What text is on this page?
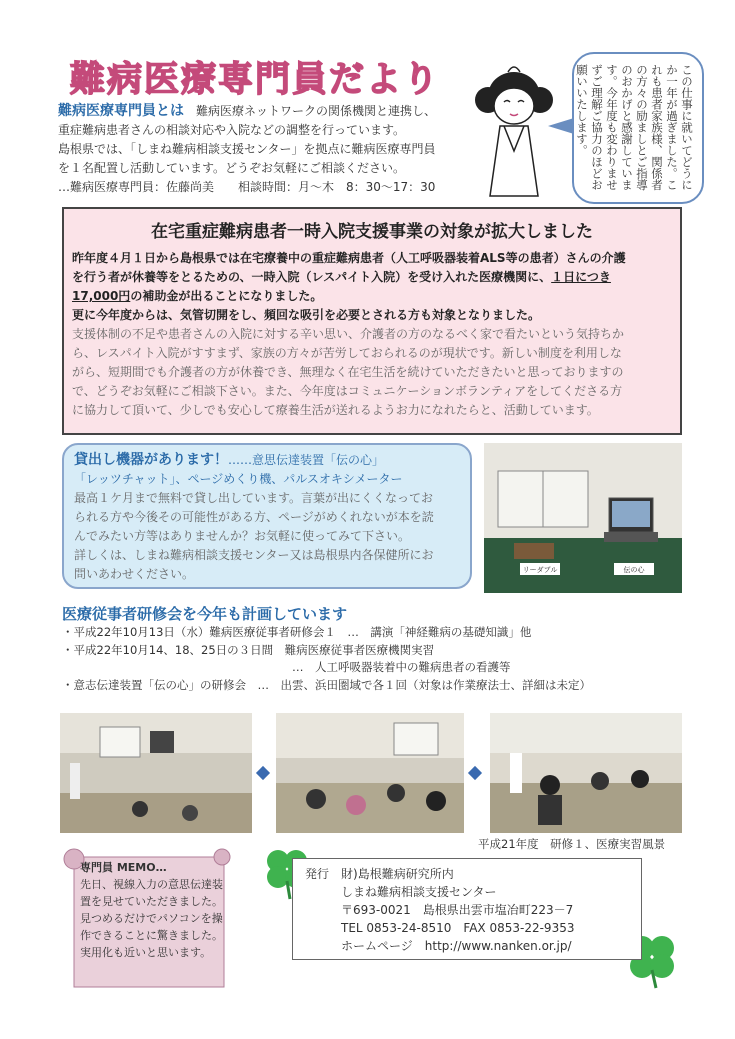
難病医療専門員だより

難病医療専門員とは　 難病医療ネットワークの関係機関と連携し、

重症難病患者さんの相談対応や入院などの調整を行っています。

島根県では、「しまね難病相談支援センター」を拠点に難病医療専門員

を１名配置し活動しています。どうぞお気軽にご相談ください。

…難病医療専門員：佐藤尚美　　相談時間：月〜木　8：30〜17：30	この仕事に就いてどうにか一年が過ぎました。これも患者家族様、関係者の方々の励ましとご指導のおかげと感謝しています。今年度も変わりませずご理解ご協力のほどお願いいたします。
在宅重症難病患者一時入院支援事業の対象が拡大しました

昨年度４月１日から島根県では在宅療養中の重症難病患者（人工呼吸器装着ALS等の患者）さんの介護

を行う者が休養等をとるための、一時入院（レスパイト入院）を受け入れた医療機関に、１日につき

17,000円の補助金が出ることになりました。

更に今年度からは、気管切開をし、頻回な吸引を必要とされる方も対象となりました。

支援体制の不足や患者さんの入院に対する辛い思い、介護者の方のなるべく家で看たいという気持ちか

ら、レスパイト入院がすすまず、家族の方々が苦労しておられるのが現状です。新しい制度を利用しな

がら、短期間でも介護者の方が休養でき、無理なく在宅生活を続けていただきたいと思っておりますの

で、どうぞお気軽にご相談下さい。また、今年度はコミュニケーションボランティアをしてくださる方

に協力して頂いて、少しでも安心して療養生活が送れるようお力になれたらと、活動しています。

貸出し機器があります！……意思伝達装置「伝の心」

「レッツチャット」、ページめくり機、パルスオキシメーター

最高１ケ月まで無料で貸し出しています。言葉が出にくくなってお

られる方や今後その可能性がある方、ページがめくれないが本を読

んでみたい方等はありませんか？お気軽に使ってみて下さい。

詳しくは、しまね難病相談支援センター又は島根県内各保健所にお

問いあわせください。	リーダブル	伝の心
医療従事者研修会を今年も計画しています

・平成22年10月13日（水）難病医療従事者研修会１　…　講演「神経難病の基礎知識」他

・平成22年10月14、18、25日の３日間　難病医療従事者医療機関実習

　　　　　　　　　　　　　　　　　　　　…　人工呼吸器装着中の難病患者の看護等

・意志伝達装置「伝の心」の研修会　…　出雲、浜田圏域で各１回（対象は作業療法士、詳細は未定）

平成21年度　研修１、医療実習風景

専門員 MEMO…

先日、視線入力の意思伝達装

置を見せていただきました。

見つめるだけでパソコンを操

作できることに驚きました。

実用化も近いと思います。

発行　 財)島根難病研究所内

しまね難病相談支援センター

〒693-0021　島根県出雲市塩冶町223－7

TEL 0853-24-8510　FAX 0853-22-9353

ホームページ　http://www.nanken.or.jp/
